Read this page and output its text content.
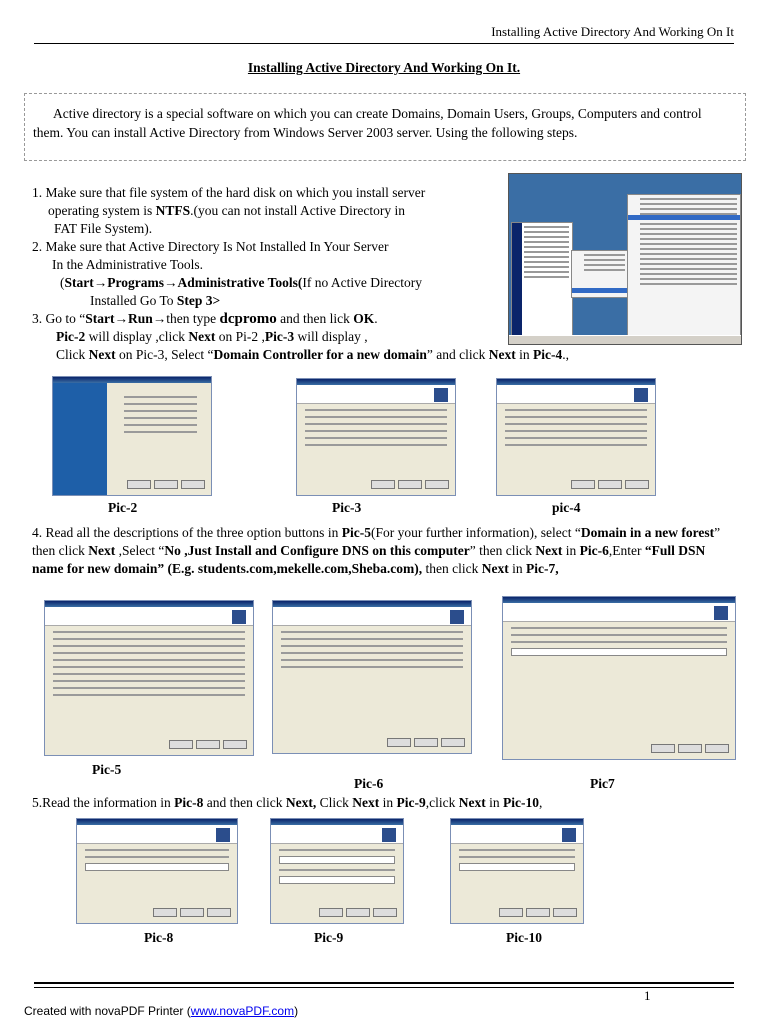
Installing Active Directory And Working On It
Installing Active Directory And Working On It.

Active directory is a special software on which you can create Domains, Domain Users, Groups, Computers and control them. You can install Active Directory from Windows Server 2003 server. Using the following steps.

1. Make sure that file system of the hard disk on which you install server
operating system is NTFS.(you can not install Active Directory in
FAT File System).
2. Make sure that Active Directory Is Not Installed In Your Server
In the Administrative Tools.
(Start→Programs→Administrative Tools(If no Active Directory
Installed Go To Step 3>
3. Go to “Start→Run→then type dcpromo and then lick OK.
Pic-2 will display ,click Next on Pi-2 ,Pic-3 will display ,
Click Next on Pic-3, Select “Domain Controller for a new domain” and click Next in Pic-4.,
Pic-2	Pic-3	pic-4
4. Read all the descriptions of the three option buttons in Pic-5(For your further information), select “Domain in a new forest” then click Next ,Select “No ,Just Install and Configure DNS on this computer” then click Next in Pic-6,Enter “Full DSN name for new domain” (E.g. students.com,mekelle.com,Sheba.com), then click Next in Pic-7,
Pic-5
Pic-6	Pic7
5.Read the information in Pic-8 and then click Next, Click Next in Pic-9,click Next in Pic-10,
Pic-8	Pic-9	Pic-10
1
Created with novaPDF Printer (www.novaPDF.com)
